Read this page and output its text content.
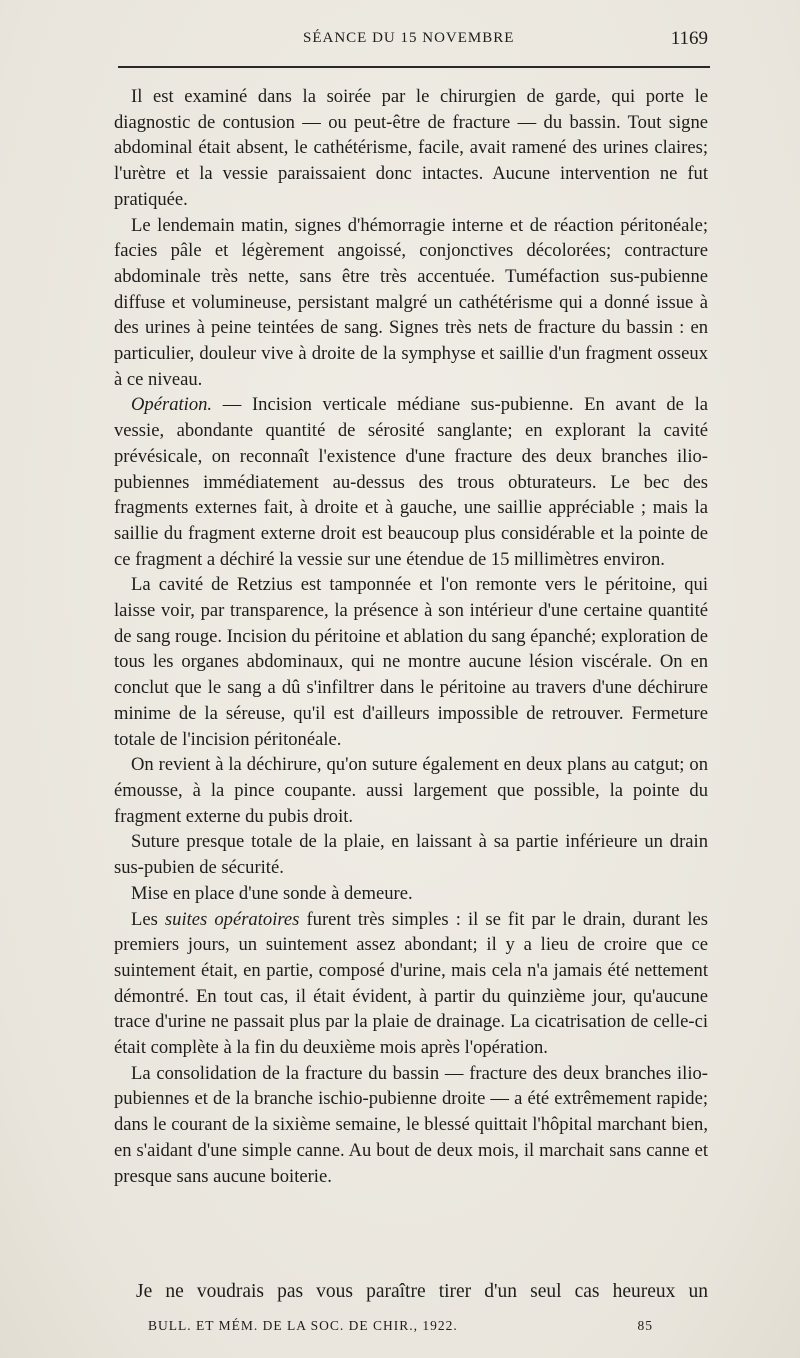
SÉANCE DU 15 NOVEMBRE	1169

Il est examiné dans la soirée par le chirurgien de garde, qui porte le diagnostic de contusion — ou peut-être de fracture — du bassin. Tout signe abdominal était absent, le cathétérisme, facile, avait ramené des urines claires; l'urètre et la vessie paraissaient donc intactes. Aucune intervention ne fut pratiquée.

Le lendemain matin, signes d'hémorragie interne et de réaction péritonéale; facies pâle et légèrement angoissé, conjonctives décolorées; contracture abdominale très nette, sans être très accentuée. Tuméfaction sus-pubienne diffuse et volumineuse, persistant malgré un cathétérisme qui a donné issue à des urines à peine teintées de sang. Signes très nets de fracture du bassin : en particulier, douleur vive à droite de la symphyse et saillie d'un fragment osseux à ce niveau.

Opération. — Incision verticale médiane sus-pubienne. En avant de la vessie, abondante quantité de sérosité sanglante; en explorant la cavité prévésicale, on reconnaît l'existence d'une fracture des deux branches ilio-pubiennes immédiatement au-dessus des trous obturateurs. Le bec des fragments externes fait, à droite et à gauche, une saillie appréciable ; mais la saillie du fragment externe droit est beaucoup plus considérable et la pointe de ce fragment a déchiré la vessie sur une étendue de 15 millimètres environ.

La cavité de Retzius est tamponnée et l'on remonte vers le péritoine, qui laisse voir, par transparence, la présence à son intérieur d'une certaine quantité de sang rouge. Incision du péritoine et ablation du sang épanché; exploration de tous les organes abdominaux, qui ne montre aucune lésion viscérale. On en conclut que le sang a dû s'infiltrer dans le péritoine au travers d'une déchirure minime de la séreuse, qu'il est d'ailleurs impossible de retrouver. Fermeture totale de l'incision péritonéale.

On revient à la déchirure, qu'on suture également en deux plans au catgut; on émousse, à la pince coupante. aussi largement que possible, la pointe du fragment externe du pubis droit.

Suture presque totale de la plaie, en laissant à sa partie inférieure un drain sus-pubien de sécurité.

Mise en place d'une sonde à demeure.

Les suites opératoires furent très simples : il se fit par le drain, durant les premiers jours, un suintement assez abondant; il y a lieu de croire que ce suintement était, en partie, composé d'urine, mais cela n'a jamais été nettement démontré. En tout cas, il était évident, à partir du quinzième jour, qu'aucune trace d'urine ne passait plus par la plaie de drainage. La cicatrisation de celle-ci était complète à la fin du deuxième mois après l'opération.

La consolidation de la fracture du bassin — fracture des deux branches ilio-pubiennes et de la branche ischio-pubienne droite — a été extrêmement rapide; dans le courant de la sixième semaine, le blessé quittait l'hôpital marchant bien, en s'aidant d'une simple canne. Au bout de deux mois, il marchait sans canne et presque sans aucune boiterie.

Je ne voudrais pas vous paraître tirer d'un seul cas heureux un
BULL. ET MÉM. DE LA SOC. DE CHIR., 1922.	85
